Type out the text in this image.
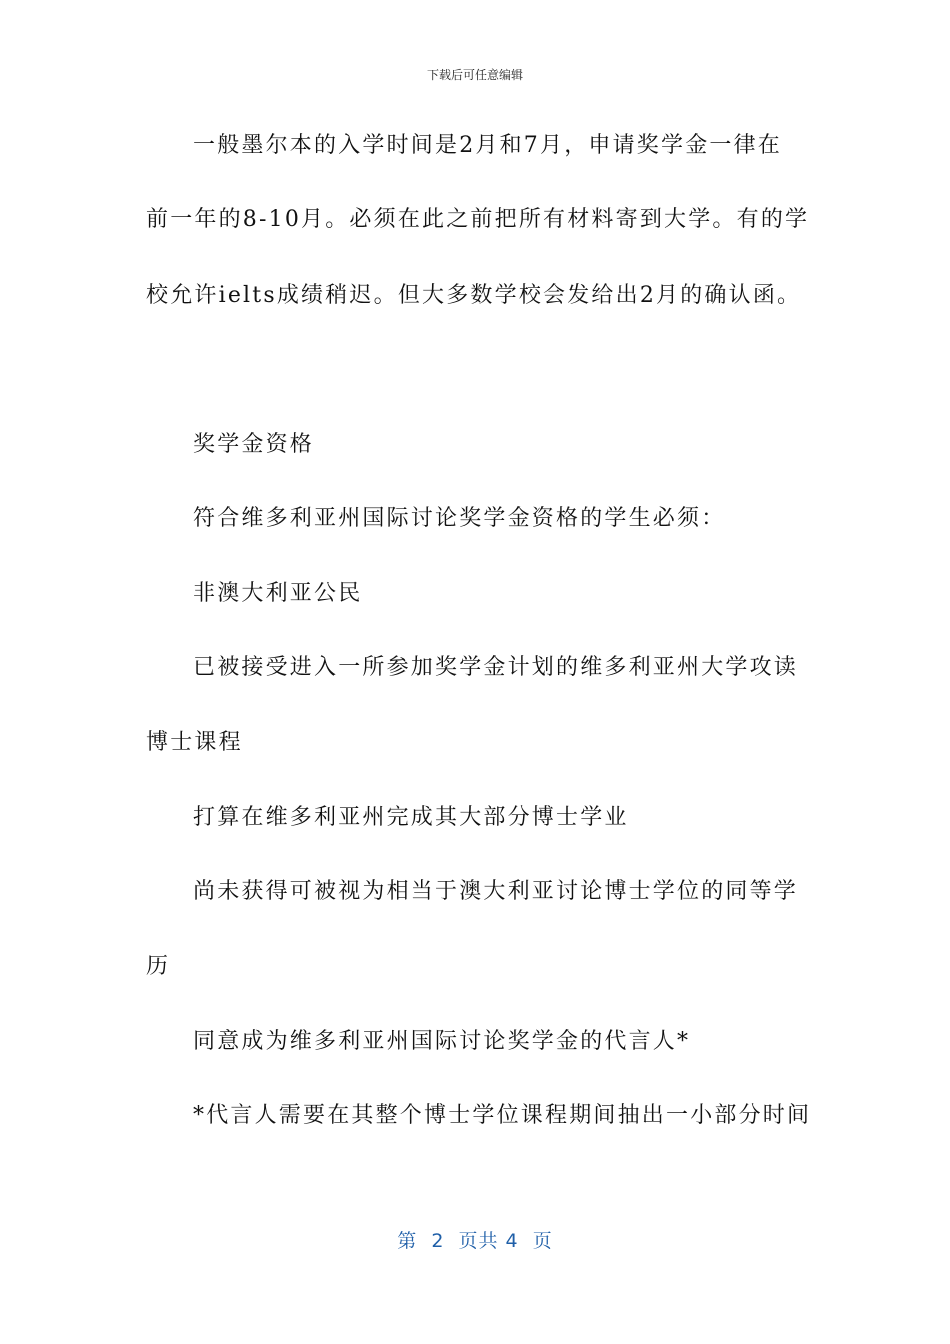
下载后可任意编辑
一般墨尔本的入学时间是2月和7月，申请奖学金一律在
前一年的8-10月。必须在此之前把所有材料寄到大学。有的学
校允许ielts成绩稍迟。但大多数学校会发给出2月的确认函。
奖学金资格
符合维多利亚州国际讨论奖学金资格的学生必须：
非澳大利亚公民
已被接受进入一所参加奖学金计划的维多利亚州大学攻读
博士课程
打算在维多利亚州完成其大部分博士学业
尚未获得可被视为相当于澳大利亚讨论博士学位的同等学
历
同意成为维多利亚州国际讨论奖学金的代言人*
*代言人需要在其整个博士学位课程期间抽出一小部分时间
第  2  页共 4  页
